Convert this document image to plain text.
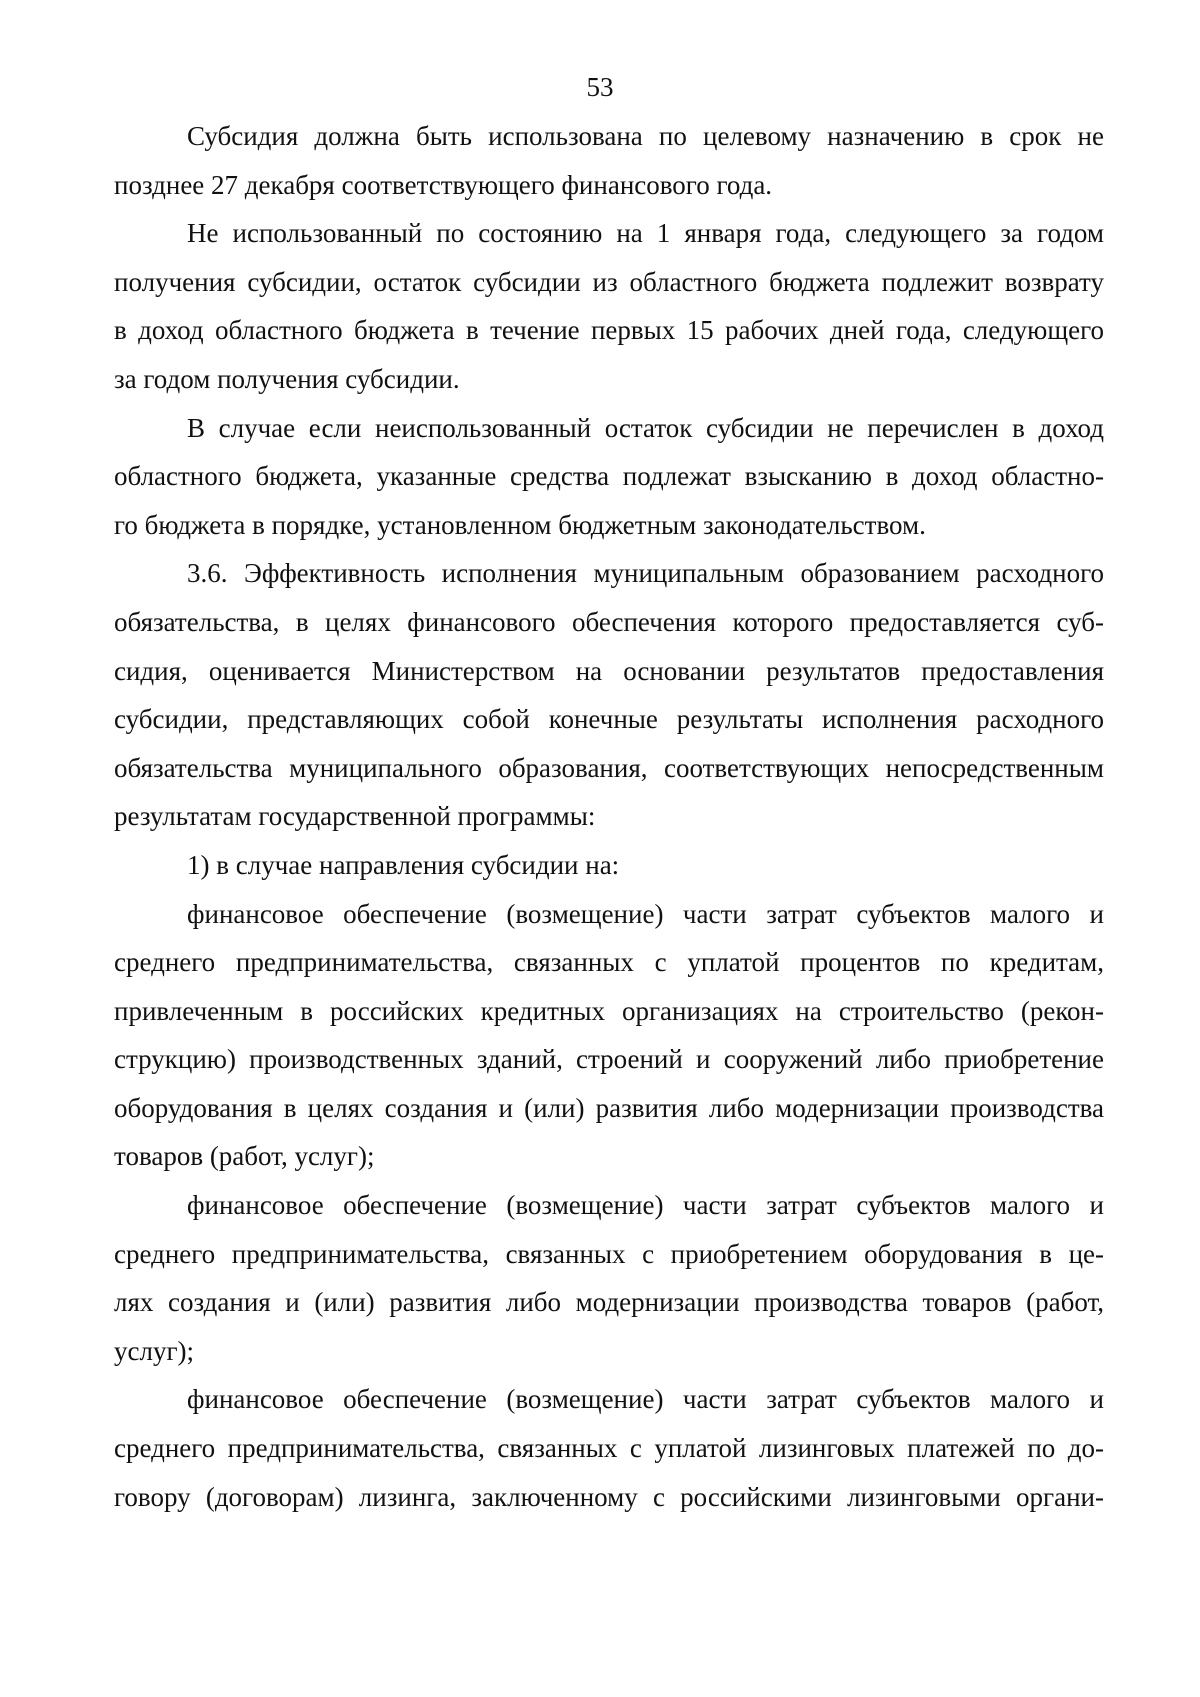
53
Субсидия должна быть использована по целевому назначению в срок не
позднее 27 декабря соответствующего финансового года.
Не использованный по состоянию на 1 января года, следующего за годом
получения субсидии, остаток субсидии из областного бюджета подлежит возврату
в доход областного бюджета в течение первых 15 рабочих дней года, следующего
за годом получения субсидии.
В случае если неиспользованный остаток субсидии не перечислен в доход
областного бюджета, указанные средства подлежат взысканию в доход областно-
го бюджета в порядке, установленном бюджетным законодательством.
3.6. Эффективность исполнения муниципальным образованием расходного
обязательства, в целях финансового обеспечения которого предоставляется суб-
сидия, оценивается Министерством на основании результатов предоставления
субсидии, представляющих собой конечные результаты исполнения расходного
обязательства муниципального образования, соответствующих непосредственным
результатам государственной программы:
1) в случае направления субсидии на:
финансовое обеспечение (возмещение) части затрат субъектов малого и
среднего предпринимательства, связанных с уплатой процентов по кредитам,
привлеченным в российских кредитных организациях на строительство (рекон-
струкцию) производственных зданий, строений и сооружений либо приобретение
оборудования в целях создания и (или) развития либо модернизации производства
товаров (работ, услуг);
финансовое обеспечение (возмещение) части затрат субъектов малого и
среднего предпринимательства, связанных с приобретением оборудования в це-
лях создания и (или) развития либо модернизации производства товаров (работ,
услуг);
финансовое обеспечение (возмещение) части затрат субъектов малого и
среднего предпринимательства, связанных с уплатой лизинговых платежей по до-
говору (договорам) лизинга, заключенному с российскими лизинговыми органи-
